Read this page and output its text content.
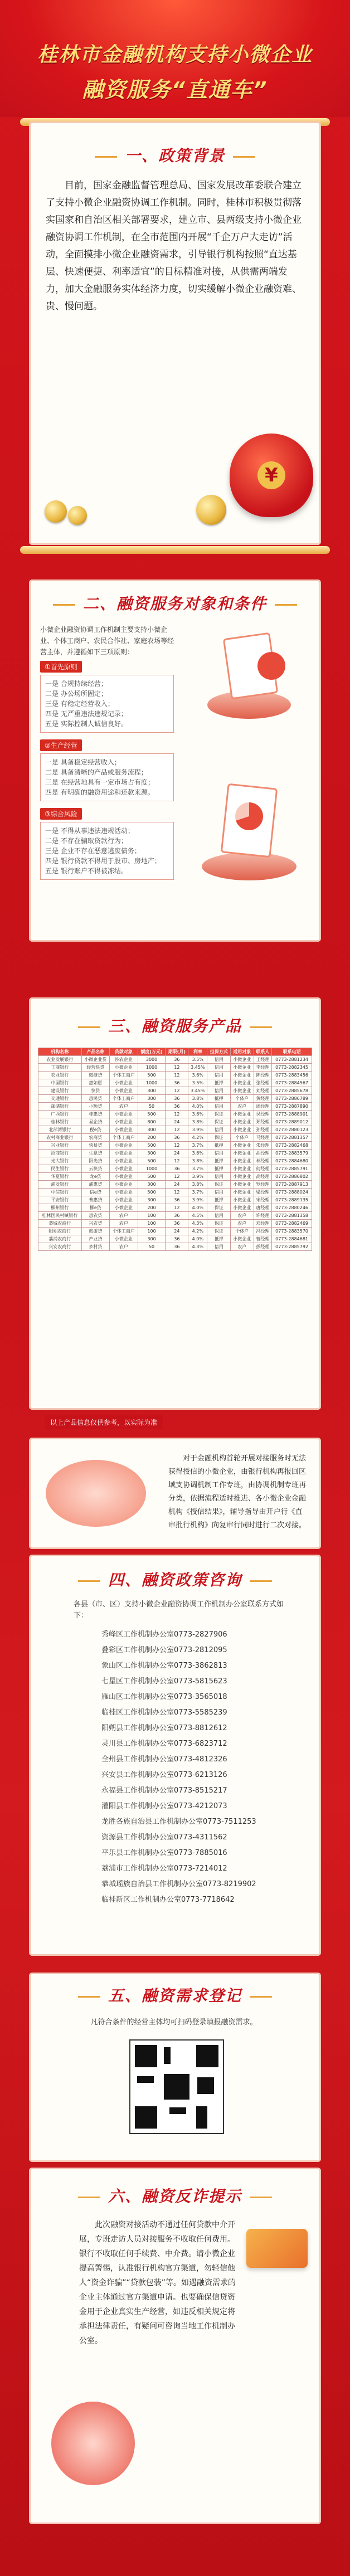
桂林市金融机构支持小微企业
融资服务“直通车”
一、政策背景
目前，国家金融监督管理总局、国家发展改革委联合建立了支持小微企业融资协调工作机制。同时，桂林市积极贯彻落实国家和自治区相关部署要求，建立市、县两级支持小微企业融资协调工作机制，在全市范围内开展“千企万户大走访”活动，全面摸排小微企业融资需求，引导银行机构按照“直达基层、快速便捷、利率适宜”的目标精准对接，从供需两端发力，加大金融服务实体经济力度，切实缓解小微企业融资难、贵、慢问题。
¥
二、融资服务对象和条件
小微企业融资协调工作机制主要支持小微企业、个体工商户、农民合作社、家庭农场等经营主体，并遵循如下三项原则：
①首先原则
一是 合规持续经营；
二是 办公场所固定；
三是 有稳定经营收入；
四是 无严重违法违规记录；
五是 实际控制人诚信良好。
②生产经营
一是 具备稳定经营收入；
二是 具备清晰的产品或服务流程；
三是 在经营地具有一定市场占有度；
四是 有明确的融资用途和还款来源。
③综合风险
一是 不得从事违法违规活动；
二是 不存在骗取贷款行为；
三是 企业不存在恶意逃废债务；
四是 银行贷款不得用于股市、房地产；
五是 银行账户不得被冻结。
三、融资服务产品
机构名称	产品名称	贷款对象	额度(万元)	期限(月)	利率	担保方式	适用对象	联系人	联系电话
农业发展银行	小微企业贷	涉农企业	3000	36	3.5%	信用	小微企业	王经理	0773-2881234
工商银行	经营快贷	小微企业	1000	12	3.45%	信用	小微企业	李经理	0773-2882345
农业银行	微捷贷	个体工商户	500	12	3.6%	信用	小微企业	陈经理	0773-2883456
中国银行	惠如愿	小微企业	1000	36	3.5%	抵押	小微企业	张经理	0773-2884567
建设银行	快贷	小微企业	300	12	3.45%	信用	小微企业	刘经理	0773-2885678
交通银行	惠民贷	个体工商户	300	36	3.8%	抵押	个体户	黄经理	0773-2886789
邮储银行	小额贷	农户	50	36	4.0%	信用	农户	周经理	0773-2887890
广西银行	桂惠贷	小微企业	500	12	3.6%	保证	小微企业	吴经理	0773-2888901
桂林银行	易企贷	小微企业	800	24	3.8%	保证	小微企业	郑经理	0773-2889012
北部湾银行	税e贷	小微企业	300	12	3.9%	信用	小微企业	孙经理	0773-2880123
农村商业银行	农商贷	个体工商户	200	36	4.2%	保证	个体户	马经理	0773-2881357
兴业银行	快易贷	小微企业	500	12	3.7%	抵押	小微企业	朱经理	0773-2882468
招商银行	生意贷	小微企业	300	24	3.6%	信用	小微企业	胡经理	0773-2883579
光大银行	阳光贷	小微企业	500	12	3.8%	抵押	小微企业	林经理	0773-2884680
民生银行	云快贷	小微企业	1000	36	3.7%	抵押	小微企业	何经理	0773-2885791
华夏银行	龙e贷	小微企业	500	12	3.9%	信用	小微企业	高经理	0773-2886802
浦发银行	浦惠贷	小微企业	300	24	3.8%	保证	小微企业	罗经理	0773-2887913
中信银行	信e贷	小微企业	500	12	3.7%	信用	小微企业	梁经理	0773-2888024
平安银行	普惠贷	小微企业	300	36	3.9%	抵押	小微企业	宋经理	0773-2889135
柳州银行	柳e贷	小微企业	200	12	4.0%	保证	小微企业	唐经理	0773-2880246
桂林国民村镇银行	惠农贷	农户	100	36	4.5%	信用	农户	许经理	0773-2881358
恭城农商行	兴农贷	农户	100	36	4.3%	保证	农户	邓经理	0773-2882469
阳朔农商行	旅游贷	个体工商户	100	24	4.2%	保证	个体户	冯经理	0773-2883570
荔浦农商行	产业贷	小微企业	300	36	4.0%	抵押	小微企业	曹经理	0773-2884681
兴安农商行	乡村贷	农户	50	36	4.3%	信用	农户	彭经理	0773-2885792
以上产品信息仅供参考，以实际为准
对于金融机构首轮开展对接服务时无法获得授信的小微企业，由银行机构再报回区域支协调机制工作专班，由协调机制专班再分类，依据流程适时推进、各小微企业金融机构《授信结果》，辅导指导由开户行《直审批行机构》向复审行同时进行二次对接。
四、融资政策咨询
各县（市、区）支持小微企业融资协调工作机制办公室联系方式如下：
秀峰区工作机制办公室0773-2827906
叠彩区工作机制办公室0773-2812095
象山区工作机制办公室0773-3862813
七星区工作机制办公室0773-5815623
雁山区工作机制办公室0773-3565018
临桂区工作机制办公室0773-5585239
阳朔县工作机制办公室0773-8812612
灵川县工作机制办公室0773-6823712
全州县工作机制办公室0773-4812326
兴安县工作机制办公室0773-6213126
永福县工作机制办公室0773-8515217
灌阳县工作机制办公室0773-4212073
龙胜各族自治县工作机制办公室0773-7511253
资源县工作机制办公室0773-4311562
平乐县工作机制办公室0773-7885016
荔浦市工作机制办公室0773-7214012
恭城瑶族自治县工作机制办公室0773-8219902
临桂新区工作机制办公室0773-7718642
五、融资需求登记
凡符合条件的经营主体均可扫码登录填报融资需求。
六、融资反诈提示
此次融资对接活动不通过任何贷款中介开展，专班走访人员对接服务不收取任何费用。银行不收取任何手续费、中介费。请小微企业提高警惕，认准银行机构官方渠道，勿轻信他人“资金诈骗”“贷款包装”等。如遇融资需求的企业主体通过官方渠道申请。也要确保信贷资金用于企业真实生产经营，如违反相关规定将承担法律责任，有疑问可咨询当地工作机制办公室。
